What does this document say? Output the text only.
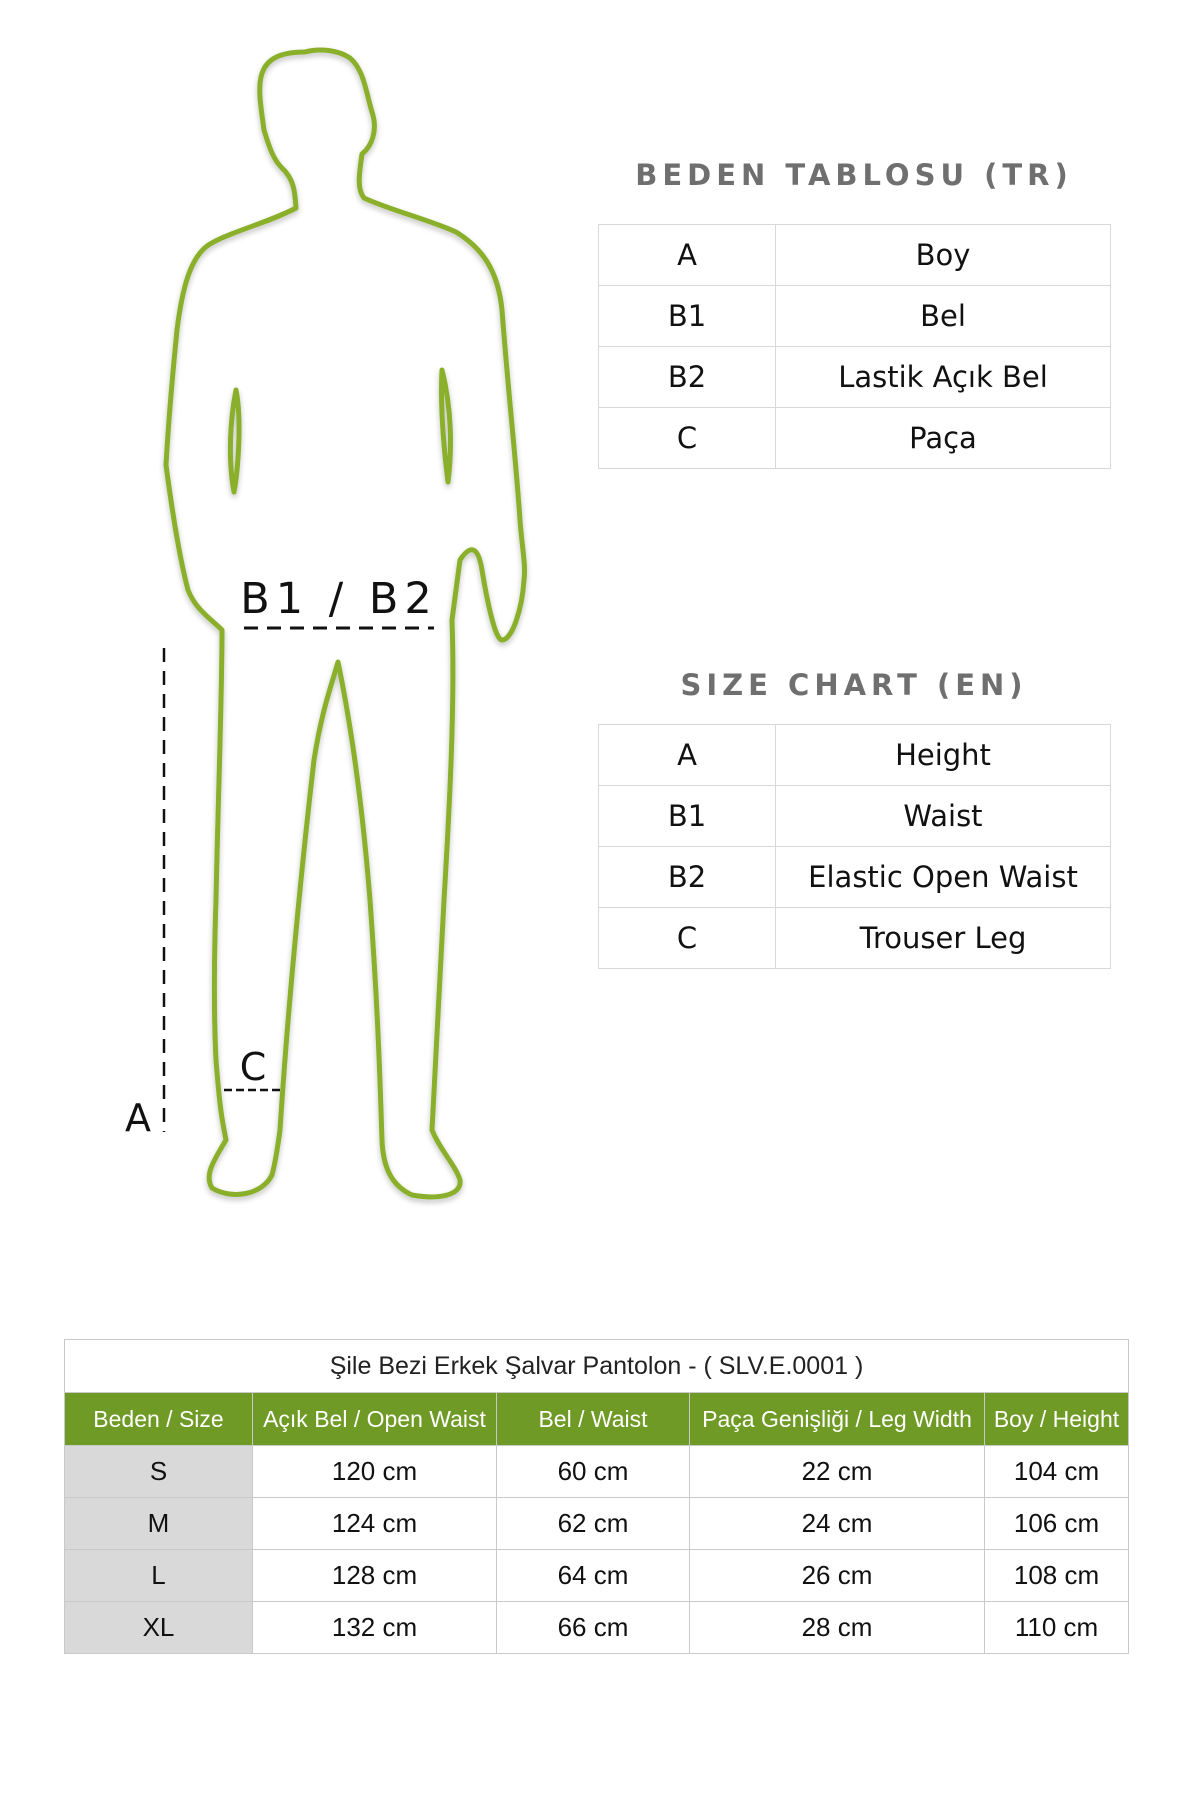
B1 / B2
C
A
BEDEN TABLOSU (TR)
A	Boy
B1	Bel
B2	Lastik Açık Bel
C	Paça
SIZE CHART (EN)
A	Height
B1	Waist
B2	Elastic Open Waist
C	Trouser Leg
Şile Bezi Erkek Şalvar Pantolon - ( SLV.E.0001 )				
Beden / Size	Açık Bel / Open Waist	Bel / Waist	Paça Genişliği / Leg Width	Boy / Height
S	120 cm	60 cm	22 cm	104 cm
M	124 cm	62 cm	24 cm	106 cm
L	128 cm	64 cm	26 cm	108 cm
XL	132 cm	66 cm	28 cm	110 cm
